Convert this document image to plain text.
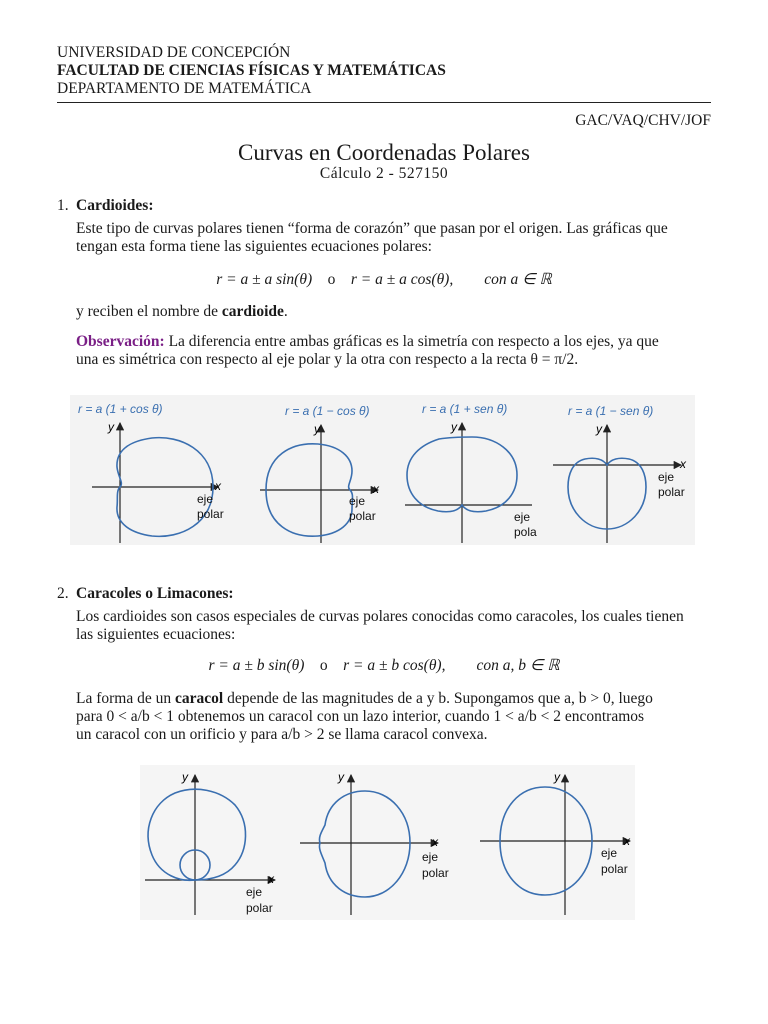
UNIVERSIDAD DE CONCEPCIÓN
FACULTAD DE CIENCIAS FÍSICAS Y MATEMÁTICAS
DEPARTAMENTO DE MATEMÁTICA
GAC/VAQ/CHV/JOF
Curvas en Coordenadas Polares
Cálculo 2 - 527150
1. Cardioides:
Este tipo de curvas polares tienen “forma de corazón” que pasan por el origen. Las gráficas que
tengan esta forma tiene las siguientes ecuaciones polares:
r = a ± a sin(θ) o r = a ± a cos(θ), con a ∈ ℝ
y reciben el nombre de cardioide.
Observación: La diferencia entre ambas gráficas es la simetría con respecto a los ejes, ya que
una es simétrica con respecto al eje polar y la otra con respecto a la recta θ = π/2.
r = a (1 + cos θ)
y
x
eje
polar
r = a (1 − cos θ)
y
x
eje
polar
r = a (1 + sen θ)
y
eje
pola
r = a (1 − sen θ)
y
x
eje
polar
2. Caracoles o Limacones:
Los cardioides son casos especiales de curvas polares conocidas como caracoles, los cuales tienen
las siguientes ecuaciones:
r = a ± b sin(θ) o r = a ± b cos(θ), con a, b ∈ ℝ
La forma de un caracol depende de las magnitudes de a y b. Supongamos que a, b > 0, luego
para 0 < a/b < 1 obtenemos un caracol con un lazo interior, cuando 1 < a/b < 2 encontramos
un caracol con un orificio y para a/b > 2 se llama caracol convexa.
y
x
eje
polar
y
x
eje
polar
y
x
eje
polar
